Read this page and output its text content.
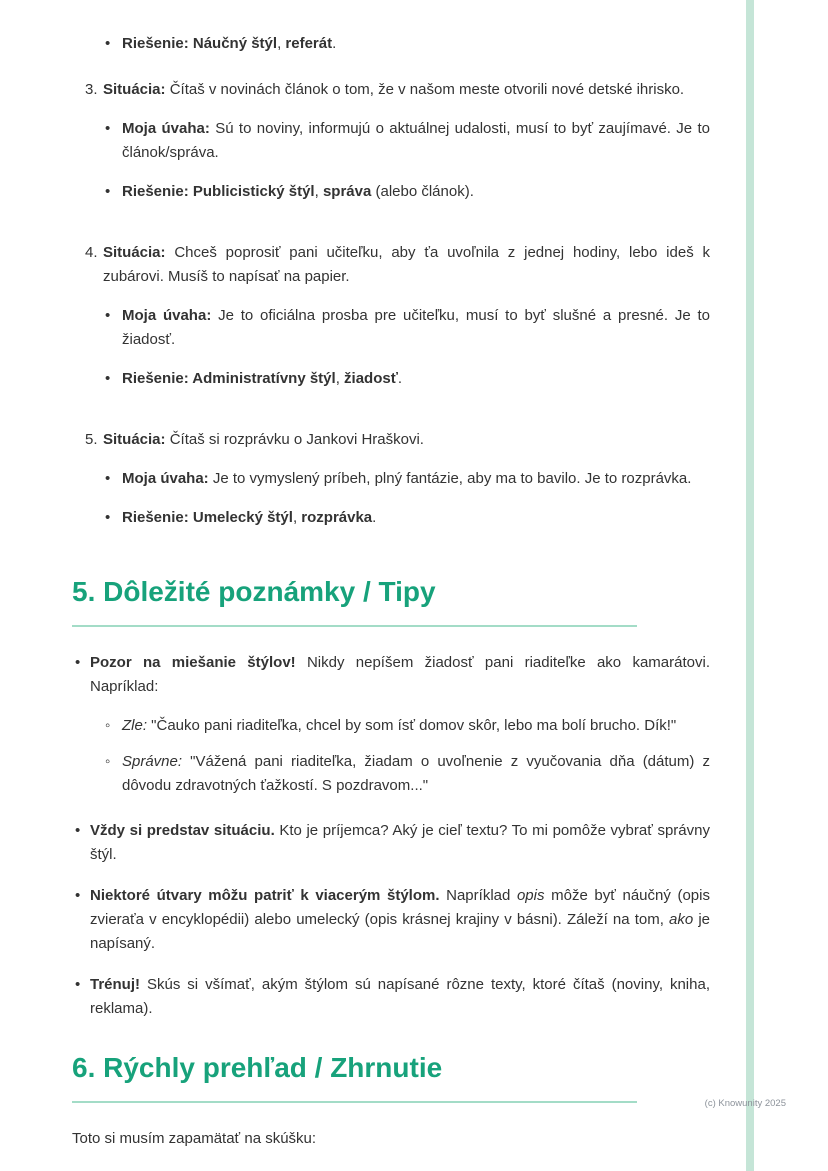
• Riešenie: Náučný štýl, referát.
3. Situácia: Čítaš v novinách článok o tom, že v našom meste otvorili nové detské ihrisko.
• Moja úvaha: Sú to noviny, informujú o aktuálnej udalosti, musí to byť zaujímavé. Je to článok/správa.
• Riešenie: Publicistický štýl, správa (alebo článok).
4. Situácia: Chceš poprosiť pani učiteľku, aby ťa uvoľnila z jednej hodiny, lebo ideš k zubárovi. Musíš to napísať na papier.
• Moja úvaha: Je to oficiálna prosba pre učiteľku, musí to byť slušné a presné. Je to žiadosť.
• Riešenie: Administratívny štýl, žiadosť.
5. Situácia: Čítaš si rozprávku o Jankovi Hraškovi.
• Moja úvaha: Je to vymyslený príbeh, plný fantázie, aby ma to bavilo. Je to rozprávka.
• Riešenie: Umelecký štýl, rozprávka.
5. Dôležité poznámky / Tipy
• Pozor na miešanie štýlov! Nikdy nepíšem žiadosť pani riaditeľke ako kamarátovi. Napríklad:
◦ Zle: "Čauko pani riaditeľka, chcel by som ísť domov skôr, lebo ma bolí brucho. Dík!"
◦ Správne: "Vážená pani riaditeľka, žiadam o uvoľnenie z vyučovania dňa (dátum) z dôvodu zdravotných ťažkostí. S pozdravom..."
• Vždy si predstav situáciu. Kto je príjemca? Aký je cieľ textu? To mi pomôže vybrať správny štýl.
• Niektoré útvary môžu patriť k viacerým štýlom. Napríklad opis môže byť náučný (opis zvieraťa v encyklopédii) alebo umelecký (opis krásnej krajiny v básni). Záleží na tom, ako je napísaný.
• Trénuj! Skús si všímať, akým štýlom sú napísané rôzne texty, ktoré čítaš (noviny, kniha, reklama).
6. Rýchly prehľad / Zhrnutie

Toto si musím zapamätať na skúšku:

(c) Knowunity 2025
